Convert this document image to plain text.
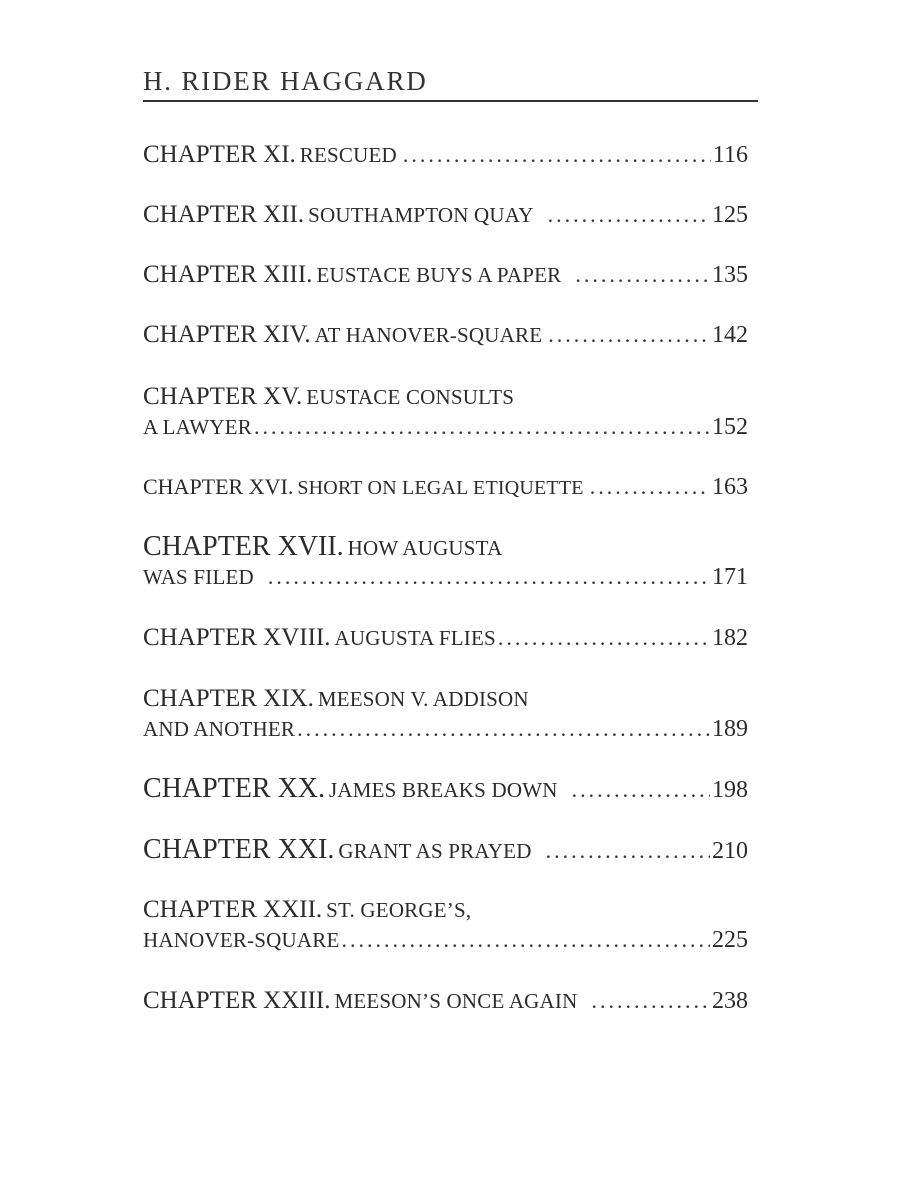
H. RIDER HAGGARD
CHAPTER XI.
RESCUED .....	116
CHAPTER XII.
SOUTHAMPTON QUAY .....	125
CHAPTER XIII.
EUSTACE BUYS A PAPER .....	135
CHAPTER XIV.
AT HANOVER-SQUARE .....	142
CHAPTER XV.
EUSTACE CONSULTS
A LAWYER .....	152
CHAPTER XVI.
SHORT ON LEGAL ETIQUETTE .....	163
CHAPTER XVII.
HOW AUGUSTA
WAS FILED .....	171
CHAPTER XVIII.
AUGUSTA FLIES .....	182
CHAPTER XIX.
MEESON V. ADDISON
AND ANOTHER .....	189
CHAPTER XX.
JAMES BREAKS DOWN .....	198
CHAPTER XXI.
GRANT AS PRAYED .....	210
CHAPTER XXII.
ST. GEORGE’S,
HANOVER-SQUARE .....	225
CHAPTER XXIII.
MEESON’S ONCE AGAIN .....	238
